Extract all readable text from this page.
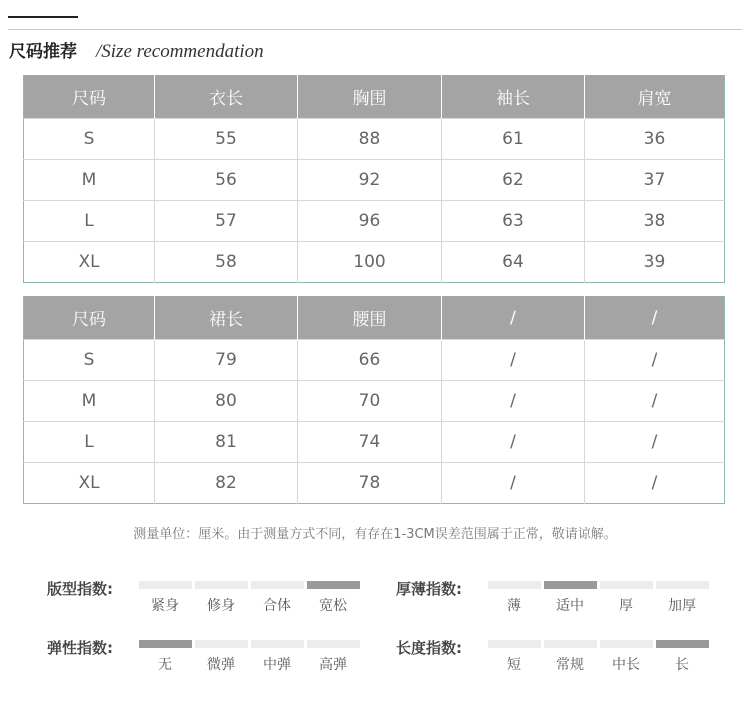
尺码推荐 /Size recommendation
尺码	衣长	胸围	袖长	肩宽
S	55	88	61	36
M	56	92	62	37
L	57	96	63	38
XL	58	100	64	39
尺码	裙长	腰围	/	/
S	79	66	/	/
M	80	70	/	/
L	81	74	/	/
XL	82	78	/	/
测量单位：厘米。由于测量方式不同，有存在1-3CM误差范围属于正常，敬请谅解。
版型指数:
紧身 修身 合体 宽松
厚薄指数:
薄	适中	厚	加厚
弹性指数:
无	微弹 中弹 高弹
长度指数:
短	常规 中长	长
